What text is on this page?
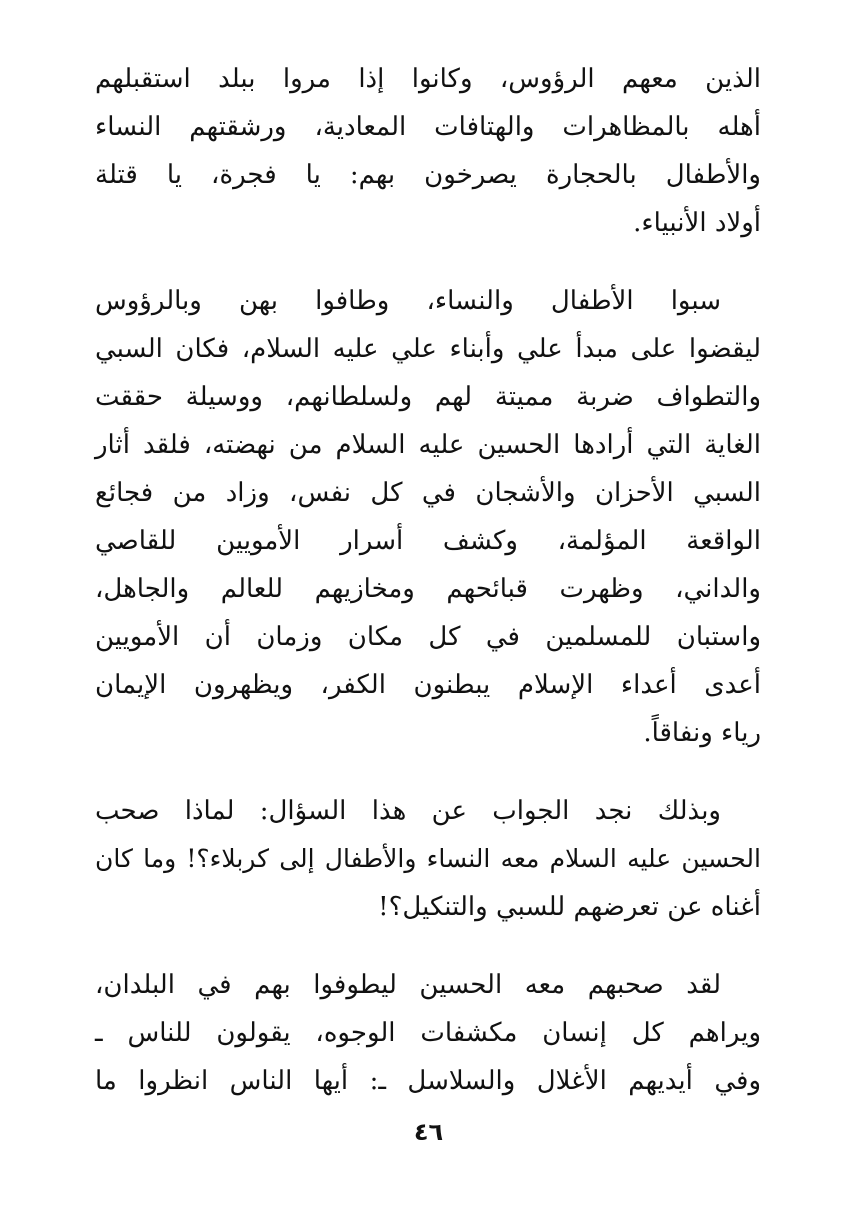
الذين معهم الرؤوس، وكانوا إذا مروا ببلد استقبلهم
أهله بالمظاهرات والهتافات المعادية، ورشقتهم النساء
والأطفال بالحجارة يصرخون بهم: يا فجرة، يا قتلة
أولاد الأنبياء.
سبوا الأطفال والنساء، وطافوا بهن وبالرؤوس
ليقضوا على مبدأ علي وأبناء علي عليه السلام، فكان السبي
والتطواف ضربة مميتة لهم ولسلطانهم، ووسيلة حققت
الغاية التي أرادها الحسين عليه السلام من نهضته، فلقد أثار
السبي الأحزان والأشجان في كل نفس، وزاد من فجائع
الواقعة المؤلمة، وكشف أسرار الأمويين للقاصي
والداني، وظهرت قبائحهم ومخازيهم للعالم والجاهل،
واستبان للمسلمين في كل مكان وزمان أن الأمويين
أعدى أعداء الإسلام يبطنون الكفر، ويظهرون الإيمان
رياء ونفاقاً.
وبذلك نجد الجواب عن هذا السؤال: لماذا صحب
الحسين عليه السلام معه النساء والأطفال إلى كربلاء؟! وما كان
أغناه عن تعرضهم للسبي والتنكيل؟!
لقد صحبهم معه الحسين ليطوفوا بهم في البلدان،
ويراهم كل إنسان مكشفات الوجوه، يقولون للناس ـ
وفي أيديهم الأغلال والسلاسل ـ: أيها الناس انظروا ما
٤٦
